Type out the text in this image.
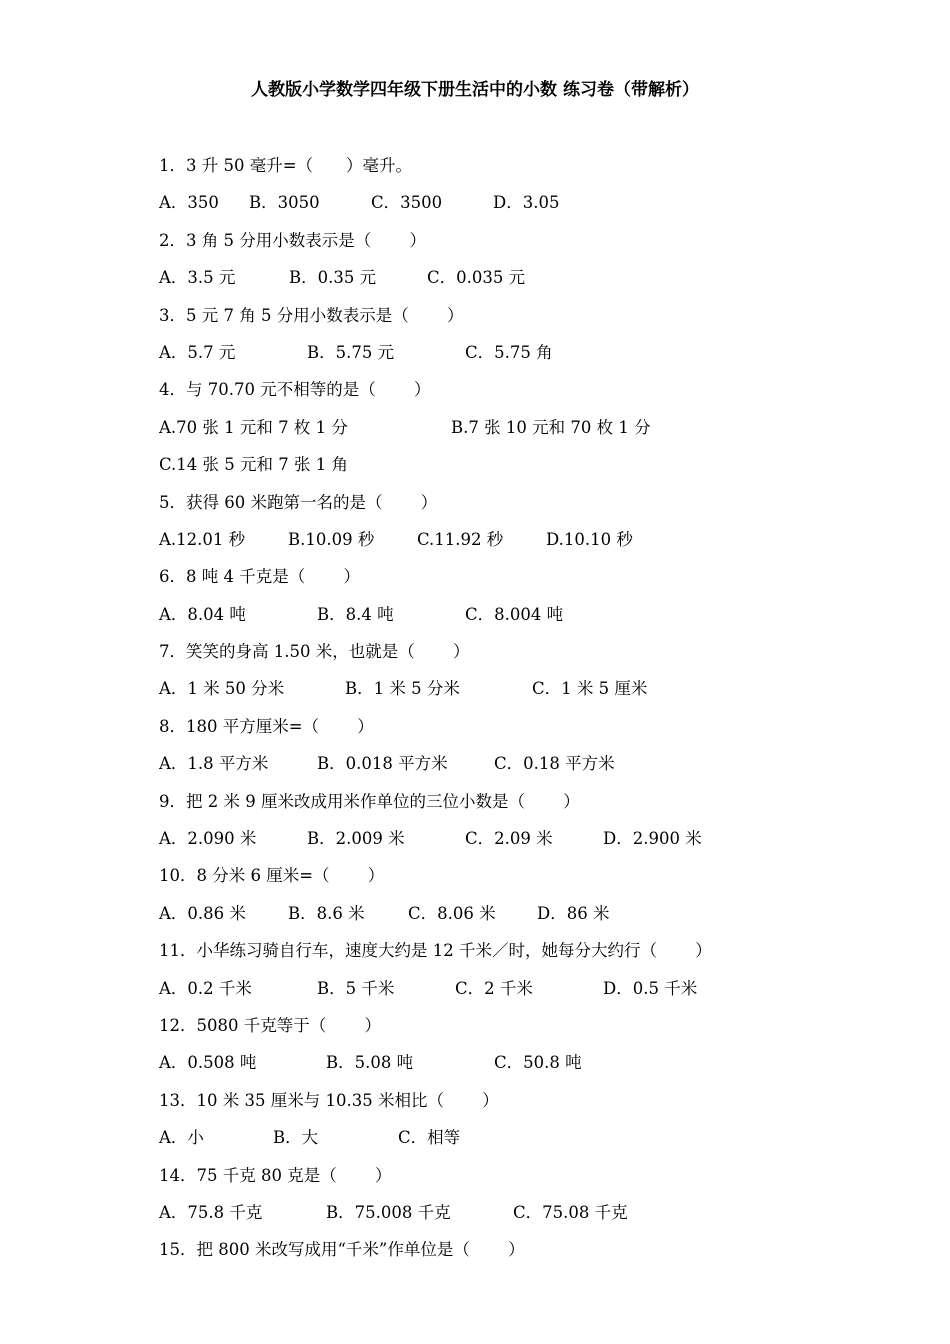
人教版小学数学四年级下册生活中的小数 练习卷（带解析）
1．3 升 50 毫升=（　　）毫升。
A．350 B．3050	C．3500	D．3.05
2．3 角 5 分用小数表示是（　　 ）
A．3.5 元	B．0.35 元	C．0.035 元
3．5 元 7 角 5 分用小数表示是（　　 ）
A．5.7 元	B．5.75 元	C．5.75 角
4．与 70.70 元不相等的是（　　 ）
A.70 张 1 元和 7 枚 1 分	B.7 张 10 元和 70 枚 1 分
C.14 张 5 元和 7 张 1 角
5．获得 60 米跑第一名的是（　　 ）
A.12.01 秒	B.10.09 秒	C.11.92 秒	D.10.10 秒
6．8 吨 4 千克是（　　 ）
A．8.04 吨	B．8.4 吨	C．8.004 吨
7．笑笑的身高 1.50 米，也就是（　　 ）
A．1 米 50 分米	B．1 米 5 分米	C．1 米 5 厘米
8．180 平方厘米=（　　 ）
A．1.8 平方米	B．0.018 平方米	C．0.18 平方米
9．把 2 米 9 厘米改成用米作单位的三位小数是（　　 ）
A．2.090 米	B．2.009 米	C．2.09 米	D．2.900 米
10．8 分米 6 厘米=（　　 ）
A．0.86 米	B．8.6 米	C．8.06 米	D．86 米
11．小华练习骑自行车，速度大约是 12 千米／时，她每分大约行（　　 ）
A．0.2 千米	B．5 千米	C．2 千米	D．0.5 千米
12．5080 千克等于（　　 ）
A．0.508 吨	B．5.08 吨	C．50.8 吨
13．10 米 35 厘米与 10.35 米相比（　　 ）
A．小	B．大	C．相等
14．75 千克 80 克是（　　 ）
A．75.8 千克	B．75.008 千克	C．75.08 千克
15．把 800 米改写成用“千米”作单位是（　　 ）
